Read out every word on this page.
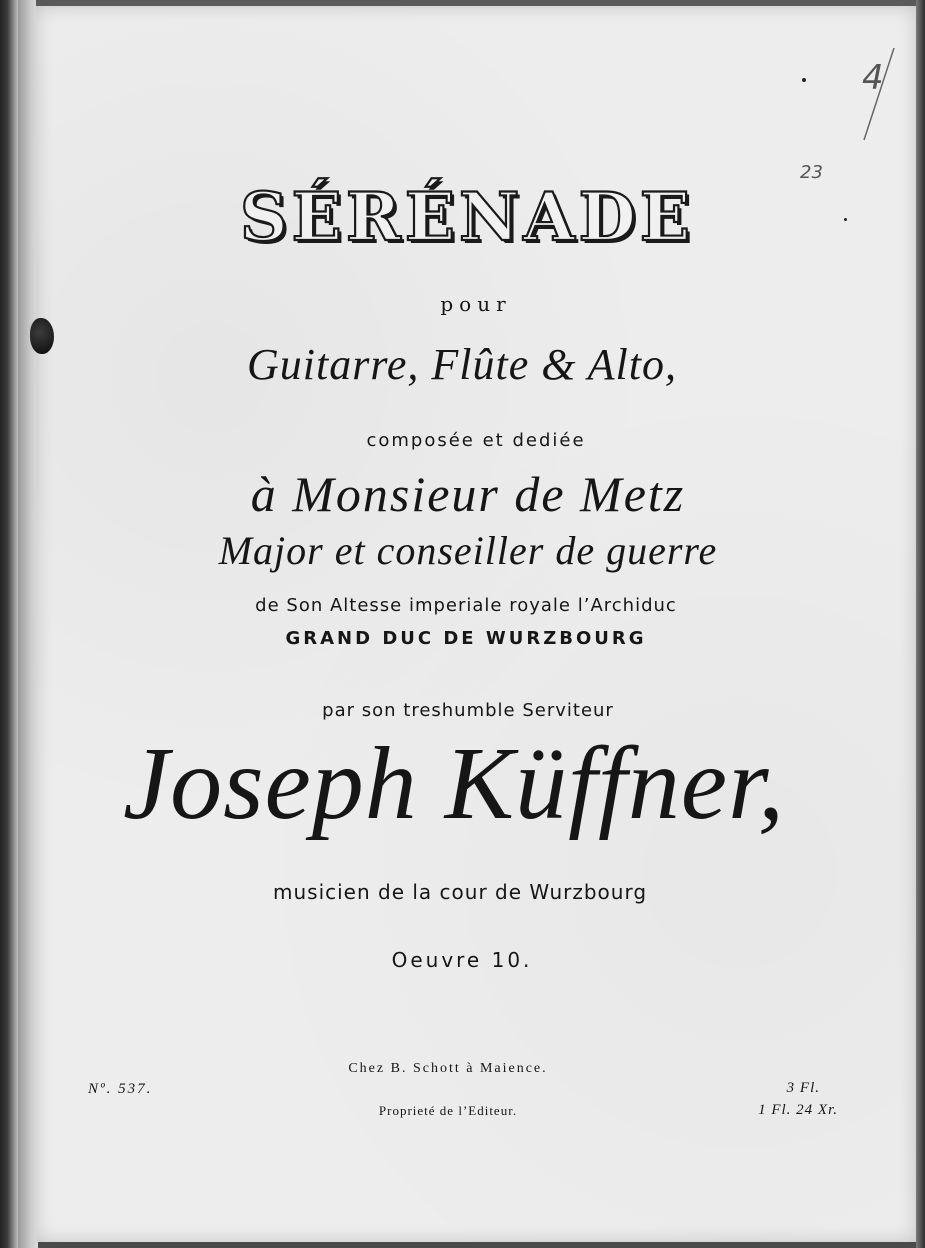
4
23
SÉRÉNADE
pour
Guitarre, Flûte & Alto,
composée et dediée
à Monsieur de Metz
Major et conseiller de guerre
de Son Altesse imperiale royale l’Archiduc
GRAND DUC DE WURZBOURG
par son treshumble Serviteur
Joseph Küffner,
musicien de la cour de Wurzbourg
Oeuvre 10.
Chez B. Schott à Maience.
Proprieté de l’Editeur.
Nº. 537.	3 Fl.
1 Fl. 24 Xr.
